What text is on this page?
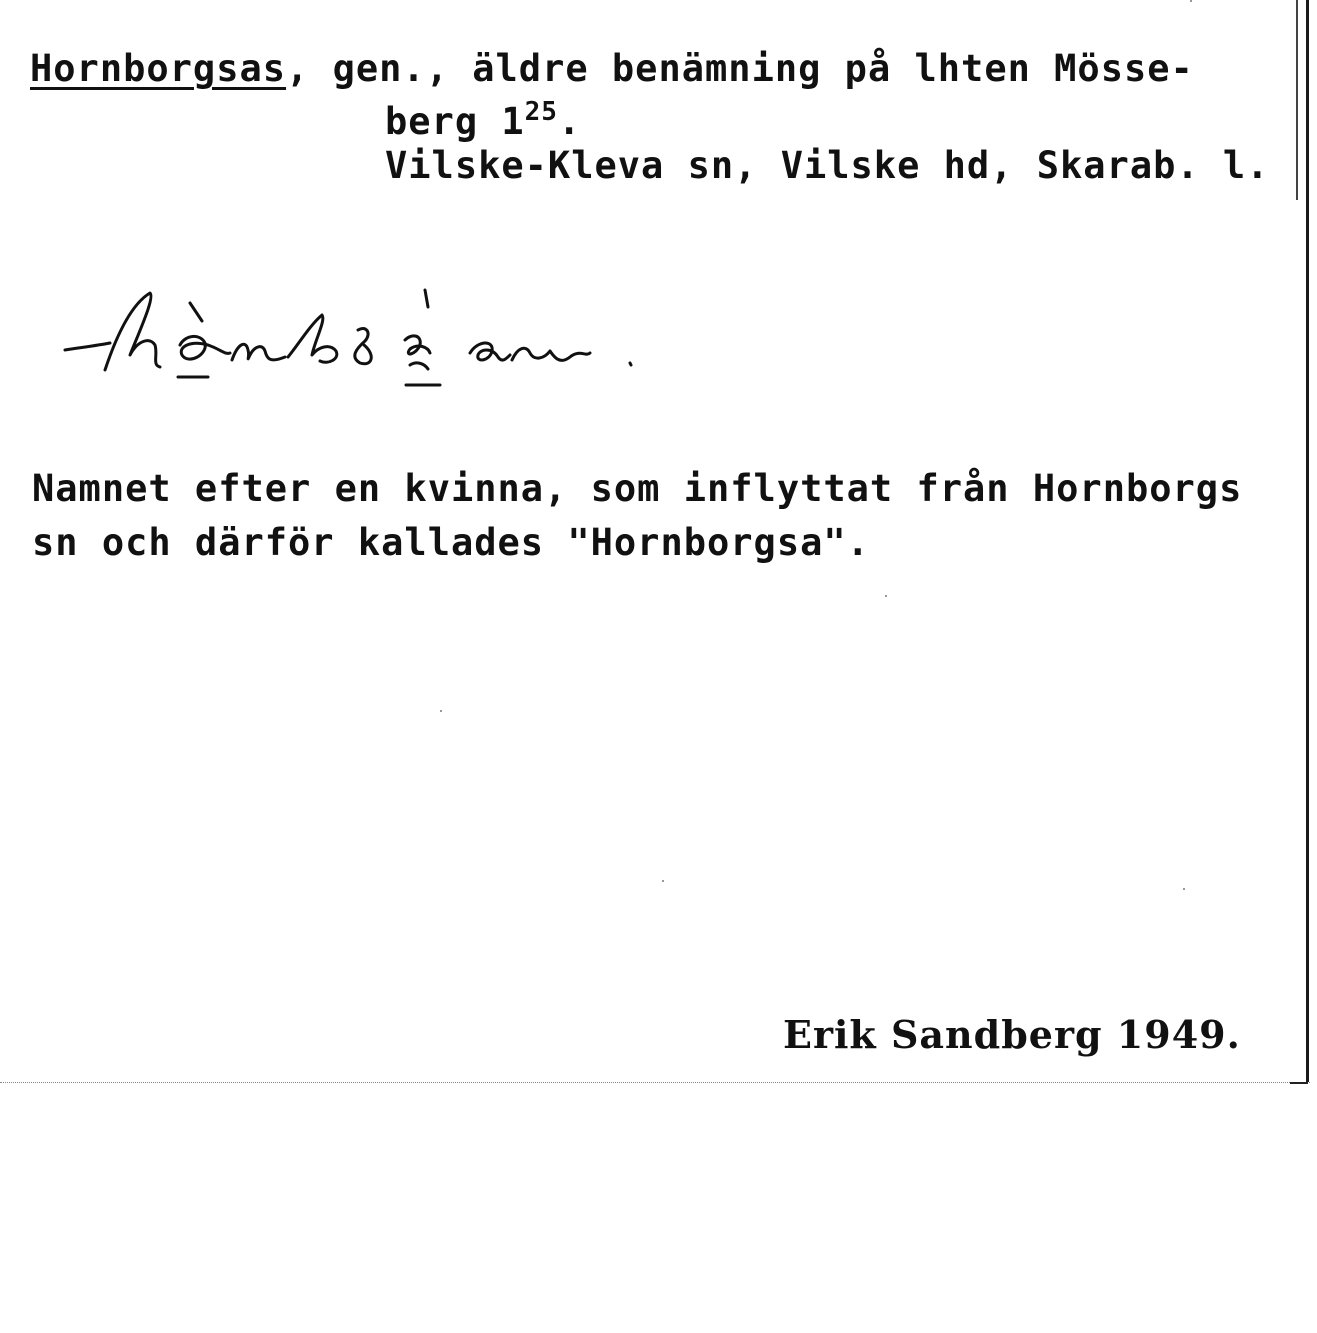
Hornborgsas, gen., äldre benämning på lhten Mösse-
berg $1^{25}$.
Vilske-Kleva sn, Vilske hd, Skarab. l.
Namnet efter en kvinna, som inflyttat från Hornborgs
sn och därför kallades "Hornborgsa".
Erik Sandberg 1949.
